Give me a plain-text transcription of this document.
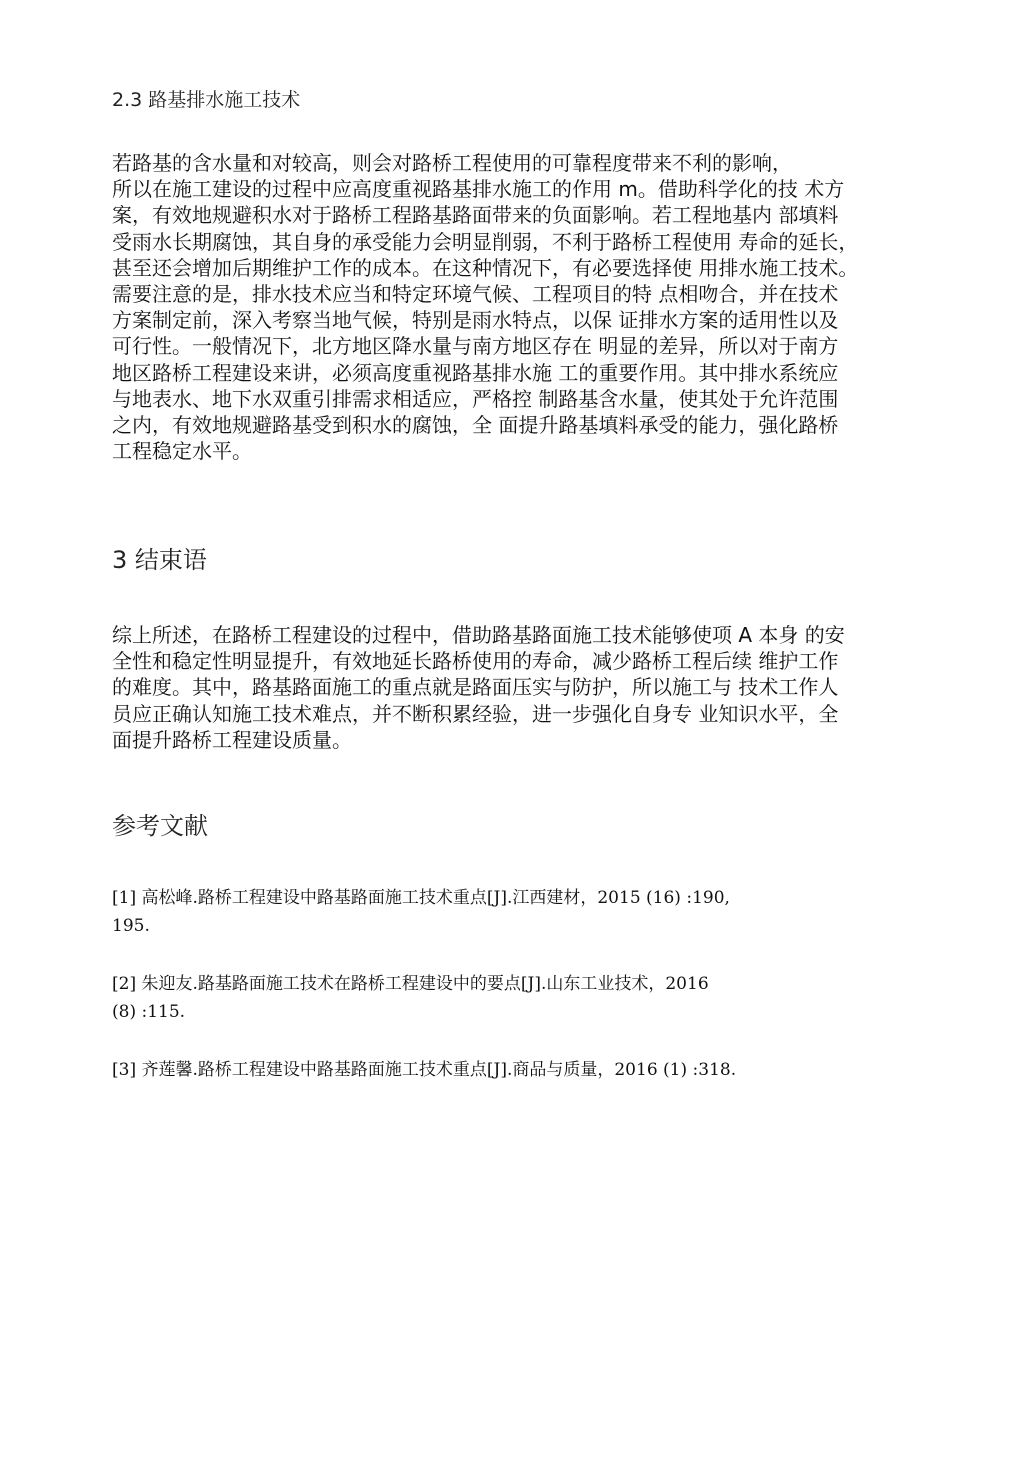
2.3 路基排水施工技术
若路基的含水量和对较高，则会对路桥工程使用的可靠程度带来不利的影响，
所以在施工建设的过程中应高度重视路基排水施工的作用 m。借助科学化的技 术方
案，有效地规避积水对于路桥工程路基路面带来的负面影响。若工程地基内 部填料
受雨水长期腐蚀，其自身的承受能力会明显削弱，不利于路桥工程使用 寿命的延长，
甚至还会增加后期维护工作的成本。在这种情况下，有必要选择使 用排水施工技术。
需要注意的是，排水技术应当和特定环境气候、工程项目的特 点相吻合，并在技术
方案制定前，深入考察当地气候，特别是雨水特点，以保 证排水方案的适用性以及
可行性。一般情况下，北方地区降水量与南方地区存在 明显的差异，所以对于南方
地区路桥工程建设来讲，必须高度重视路基排水施 工的重要作用。其中排水系统应
与地表水、地下水双重引排需求相适应，严格控 制路基含水量，使其处于允许范围
之内，有效地规避路基受到积水的腐蚀，全 面提升路基填料承受的能力，强化路桥
工程稳定水平。
3 结束语
综上所述，在路桥工程建设的过程中，借助路基路面施工技术能够使项 A 本身 的安
全性和稳定性明显提升，有效地延长路桥使用的寿命，减少路桥工程后续 维护工作
的难度。其中，路基路面施工的重点就是路面压实与防护，所以施工与 技术工作人
员应正确认知施工技术难点，并不断积累经验，进一步强化自身专 业知识水平，全
面提升路桥工程建设质量。
参考文献
[1] 高松峰.路桥工程建设中路基路面施工技术重点[J].江西建材，2015 (16) :190,
195.
[2] 朱迎友.路基路面施工技术在路桥工程建设中的要点[J].山东工业技术，2016
(8) :115.
[3] 齐莲馨.路桥工程建设中路基路面施工技术重点[J].商品与质量，2016 (1) :318.
